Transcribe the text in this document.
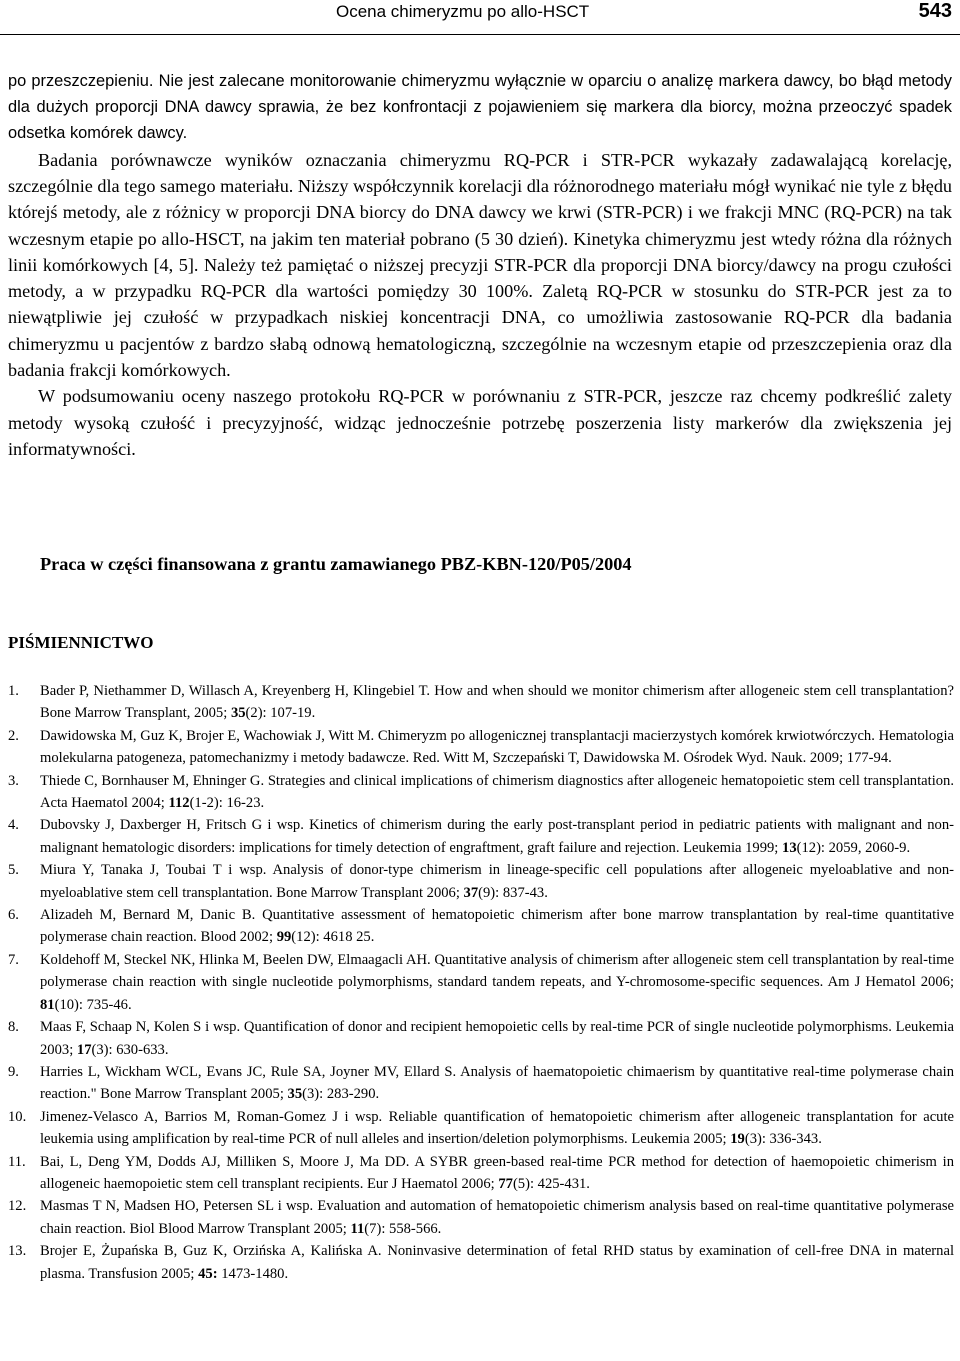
Ocena chimeryzmu po allo-HSCT	543

po przeszczepieniu. Nie jest zalecane monitorowanie chimeryzmu wyłącznie w oparciu o analizę markera dawcy, bo błąd metody dla dużych proporcji DNA dawcy sprawia, że bez konfrontacji z pojawieniem się markera dla biorcy, można przeoczyć spadek odsetka komórek dawcy.

Badania porównawcze wyników oznaczania chimeryzmu RQ-PCR i STR-PCR wykazały zadawalającą korelację, szczególnie dla tego samego materiału. Niższy współczynnik korelacji dla różnorodnego materiału mógł wynikać nie tyle z błędu którejś metody, ale z różnicy w proporcji DNA biorcy do DNA dawcy we krwi (STR-PCR) i we frakcji MNC (RQ-PCR) na tak wczesnym etapie po allo-HSCT, na jakim ten materiał pobrano (5 30 dzień). Kinetyka chimeryzmu jest wtedy różna dla różnych linii komórkowych [4, 5]. Należy też pamiętać o niższej precyzji STR-PCR dla proporcji DNA biorcy/dawcy na progu czułości metody, a w przypadku RQ-PCR dla wartości pomiędzy 30 100%. Zaletą RQ-PCR w stosunku do STR-PCR jest za to niewątpliwie jej czułość w przypadkach niskiej koncentracji DNA, co umożliwia zastosowanie RQ-PCR dla badania chimeryzmu u pacjentów z bardzo słabą odnową hematologiczną, szczególnie na wczesnym etapie od przeszczepienia oraz dla badania frakcji komórkowych.

W podsumowaniu oceny naszego protokołu RQ-PCR w porównaniu z STR-PCR, jeszcze raz chcemy podkreślić zalety metody wysoką czułość i precyzyjność, widząc jednocześnie potrzebę poszerzenia listy markerów dla zwiększenia jej informatywności.

Praca w części finansowana z grantu zamawianego PBZ-KBN-120/P05/2004
PIŚMIENNICTWO
1. Bader P, Niethammer D, Willasch A, Kreyenberg H, Klingebiel T. How and when should we monitor chimerism after allogeneic stem cell transplantation? Bone Marrow Transplant, 2005; 35(2): 107-19.
2. Dawidowska M, Guz K, Brojer E, Wachowiak J, Witt M. Chimeryzm po allogenicznej transplantacji macierzystych komórek krwiotwórczych. Hematologia molekularna patogeneza, patomechanizmy i metody badawcze. Red. Witt M, Szczepański T, Dawidowska M. Ośrodek Wyd. Nauk. 2009; 177-94.
3. Thiede C, Bornhauser M, Ehninger G. Strategies and clinical implications of chimerism diagnostics after allogeneic hematopoietic stem cell transplantation. Acta Haematol 2004; 112(1-2): 16-23.
4. Dubovsky J, Daxberger H, Fritsch G i wsp. Kinetics of chimerism during the early post-transplant period in pediatric patients with malignant and non-malignant hematologic disorders: implications for timely detection of engraftment, graft failure and rejection. Leukemia 1999; 13(12): 2059, 2060-9.
5. Miura Y, Tanaka J, Toubai T i wsp. Analysis of donor-type chimerism in lineage-specific cell populations after allogeneic myeloablative and non-myeloablative stem cell transplantation. Bone Marrow Transplant 2006; 37(9): 837-43.
6. Alizadeh M, Bernard M, Danic B. Quantitative assessment of hematopoietic chimerism after bone marrow transplantation by real-time quantitative polymerase chain reaction. Blood 2002; 99(12): 4618 25.
7. Koldehoff M, Steckel NK, Hlinka M, Beelen DW, Elmaagacli AH. Quantitative analysis of chimerism after allogeneic stem cell transplantation by real-time polymerase chain reaction with single nucleotide polymorphisms, standard tandem repeats, and Y-chromosome-specific sequences. Am J Hematol 2006; 81(10): 735-46.
8. Maas F, Schaap N, Kolen S i wsp. Quantification of donor and recipient hemopoietic cells by real-time PCR of single nucleotide polymorphisms. Leukemia 2003; 17(3): 630-633.
9. Harries L, Wickham WCL, Evans JC, Rule SA, Joyner MV, Ellard S. Analysis of haematopoietic chimaerism by quantitative real-time polymerase chain reaction." Bone Marrow Transplant 2005; 35(3): 283-290.
10. Jimenez-Velasco A, Barrios M, Roman-Gomez J i wsp. Reliable quantification of hematopoietic chimerism after allogeneic transplantation for acute leukemia using amplification by real-time PCR of null alleles and insertion/deletion polymorphisms. Leukemia 2005; 19(3): 336-343.
11. Bai, L, Deng YM, Dodds AJ, Milliken S, Moore J, Ma DD. A SYBR green-based real-time PCR method for detection of haemopoietic chimerism in allogeneic haemopoietic stem cell transplant recipients. Eur J Haematol 2006; 77(5): 425-431.
12. Masmas T N, Madsen HO, Petersen SL i wsp. Evaluation and automation of hematopoietic chimerism analysis based on real-time quantitative polymerase chain reaction. Biol Blood Marrow Transplant 2005; 11(7): 558-566.
13. Brojer E, Żupańska B, Guz K, Orzińska A, Kalińska A. Noninvasive determination of fetal RHD status by examination of cell-free DNA in maternal plasma. Transfusion 2005; 45: 1473-1480.
